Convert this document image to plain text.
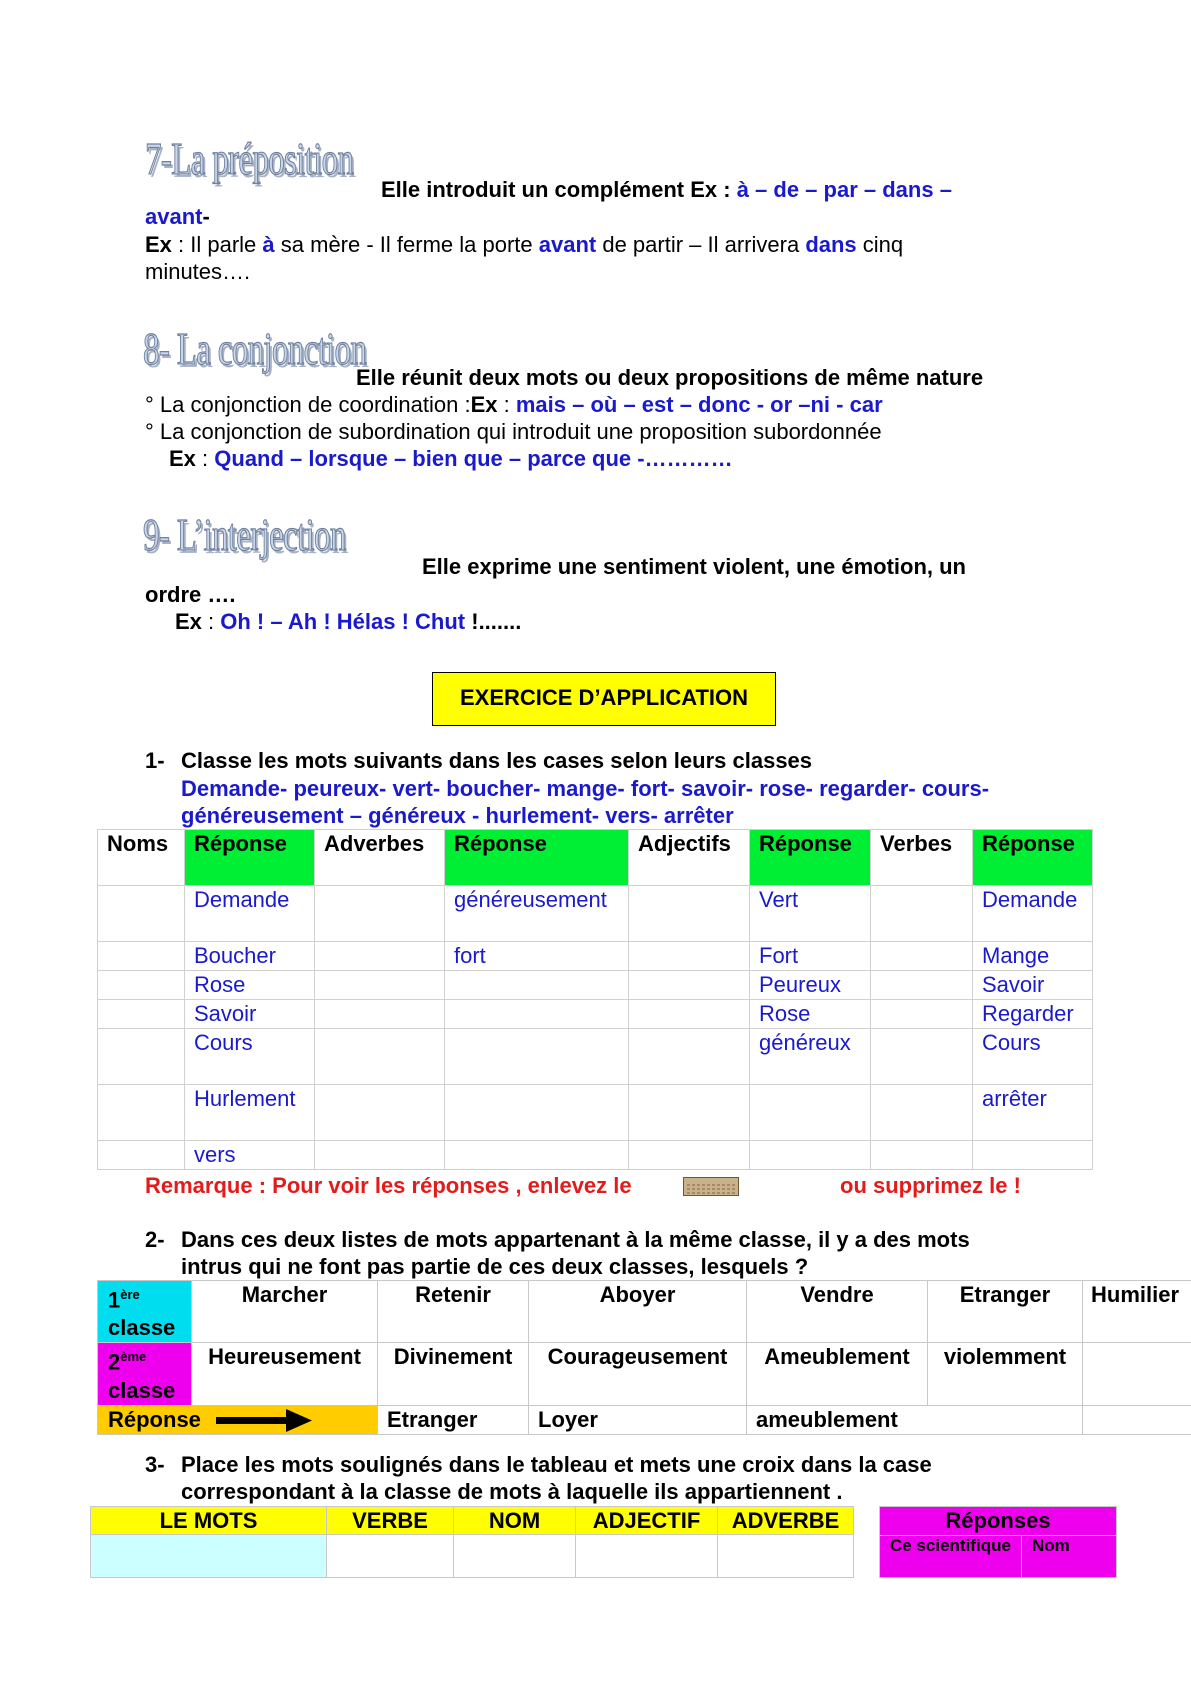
7-La préposition
Elle introduit un complément Ex : à – de – par – dans –
avant-
Ex : Il parle à sa mère - Il ferme la porte avant de partir – Il arrivera dans cinq
minutes….
8- La conjonction
Elle réunit deux mots ou deux propositions de même nature
° La conjonction de coordination :Ex : mais – où – est – donc - or –ni - car
° La conjonction de subordination qui introduit une proposition subordonnée
Ex : Quand – lorsque – bien que – parce que -…………
9- L’interjection
Elle exprime une sentiment violent, une émotion, un
ordre ….
Ex : Oh ! – Ah ! Hélas ! Chut !.......
EXERCICE D’APPLICATION
1- Classe les mots suivants dans les cases selon leurs classes
Demande- peureux- vert- boucher- mange- fort- savoir- rose- regarder- cours-
généreusement – généreux - hurlement- vers- arrêter
Noms	Réponse	Adverbes	Réponse	Adjectifs	Réponse	Verbes	Réponse
	Demande		généreusement		Vert		Demande
	Boucher		fort		Fort		Mange
	Rose				Peureux		Savoir
	Savoir				Rose		Regarder
	Cours				généreux		Cours
	Hurlement						arrêter
	vers						
Remarque : Pour voir les réponses , enlevez le	ou supprimez le !
2- Dans ces deux listes de mots appartenant à la même classe, il y a des mots
intrus qui ne font pas partie de ces deux classes, lesquels ?
1ère
classe	Marcher	Retenir	Aboyer	Vendre	Etranger	Humilier
2ème
classe	Heureusement	Divinement	Courageusement	Ameublement	violemment	
Réponse		Etranger	Loyer	ameublement		
3- Place les mots soulignés dans le tableau et mets une croix dans la case
correspondant à la classe de mots à laquelle ils appartiennent .
LE MOTS	VERBE	NOM	ADJECTIF	ADVERBE
					Réponses
Ce scientifique	Nom
